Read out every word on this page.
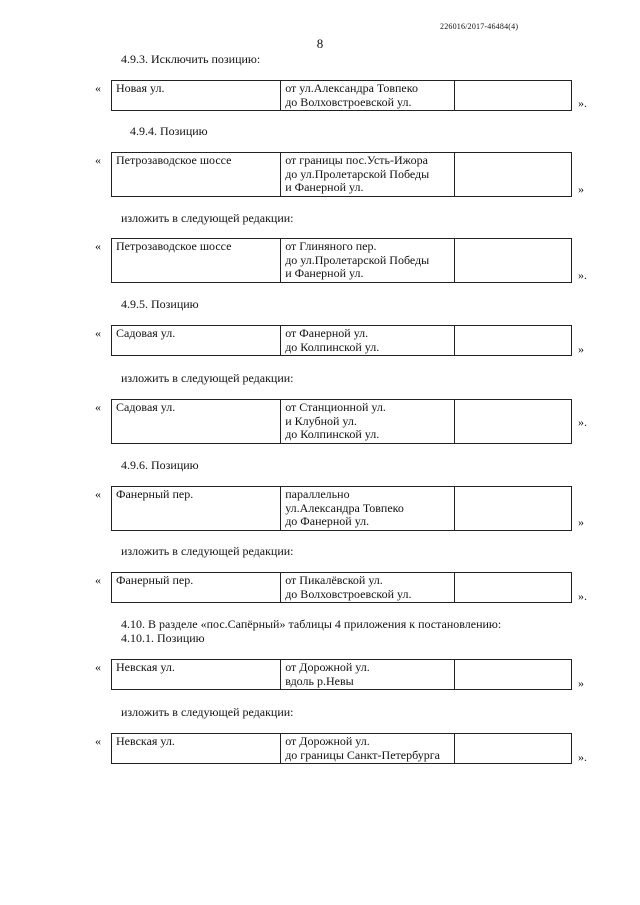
226016/2017-46484(4)
8
4.9.3. Исключить позицию:
« Новая ул.	от ул.Александра Товпеко
до Волховстроевской ул.
		».
4.9.4. Позицию
« Петрозаводское шоссе	от границы пос.Усть-Ижора
до ул.Пролетарской Победы
и Фанерной ул.
		»
изложить в следующей редакции:
« Петрозаводское шоссе	от Глиняного пер.
до ул.Пролетарской Победы
и Фанерной ул.
		».
4.9.5. Позицию
« Садовая ул.	от Фанерной ул.
до Колпинской ул.
		»
изложить в следующей редакции:
« Садовая ул.	от Станционной ул.
и Клубной ул.
до Колпинской ул.

».
4.9.6. Позицию
« Фанерный пер.	параллельно
ул.Александра Товпеко
до Фанерной ул.
		»
изложить в следующей редакции:
« Фанерный пер.	от Пикалёвской ул.
до Волховстроевской ул.
		».
4.10. В разделе «пос.Сапёрный» таблицы 4 приложения к постановлению:
4.10.1. Позицию
« Невская ул.	от Дорожной ул.
вдоль р.Невы
		»
изложить в следующей редакции:
« Невская ул.	от Дорожной ул.
до границы Санкт-Петербурга
		».
